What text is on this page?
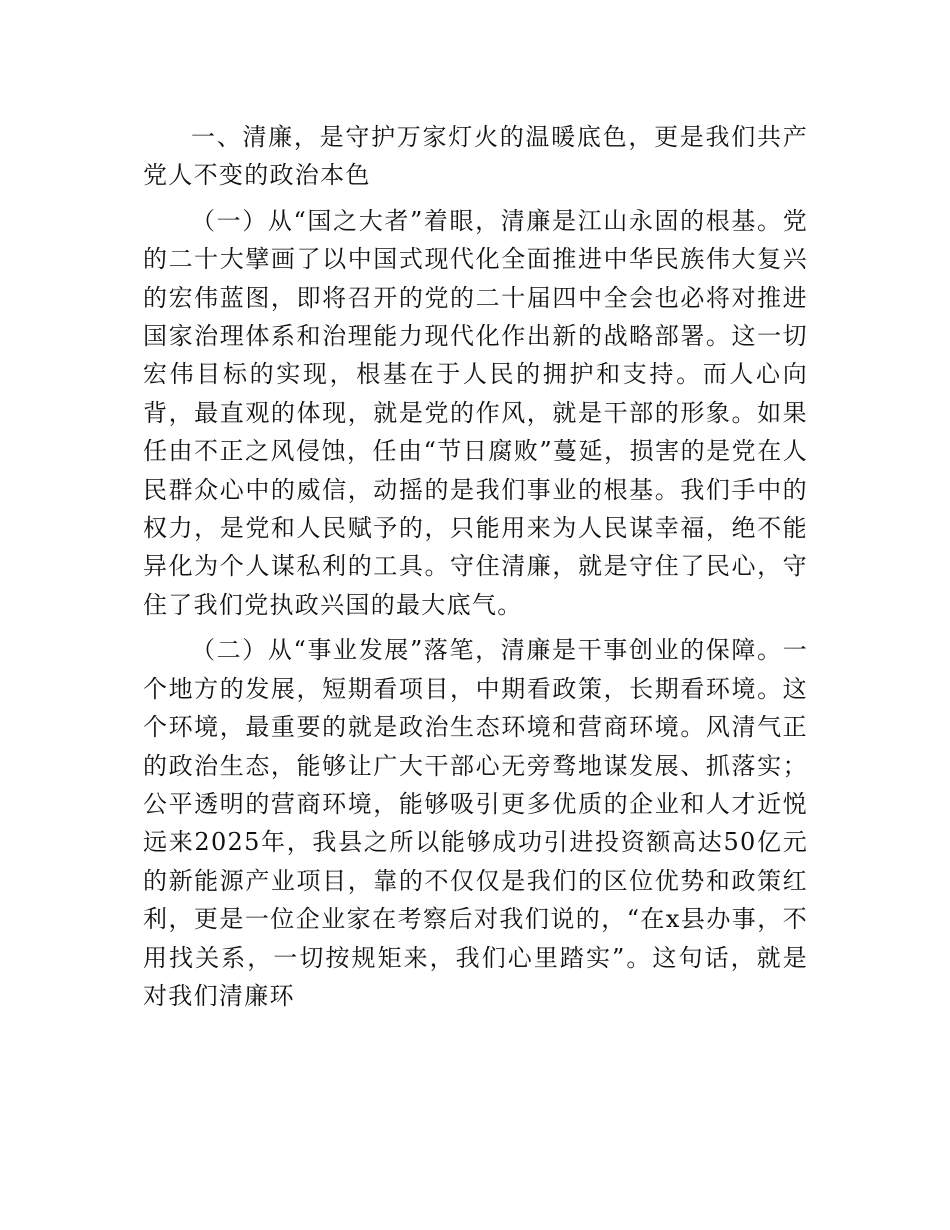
一、清廉，是守护万家灯火的温暖底色，更是我们共产党人不变的政治本色

（一）从“国之大者”着眼，清廉是江山永固的根基。党的二十大擘画了以中国式现代化全面推进中华民族伟大复兴的宏伟蓝图，即将召开的党的二十届四中全会也必将对推进国家治理体系和治理能力现代化作出新的战略部署。这一切宏伟目标的实现，根基在于人民的拥护和支持。而人心向背，最直观的体现，就是党的作风，就是干部的形象。如果任由不正之风侵蚀，任由“节日腐败”蔓延，损害的是党在人民群众心中的威信，动摇的是我们事业的根基。我们手中的权力，是党和人民赋予的，只能用来为人民谋幸福，绝不能异化为个人谋私利的工具。守住清廉，就是守住了民心，守住了我们党执政兴国的最大底气。

（二）从“事业发展”落笔，清廉是干事创业的保障。一个地方的发展，短期看项目，中期看政策，长期看环境。这个环境，最重要的就是政治生态环境和营商环境。风清气正的政治生态，能够让广大干部心无旁骛地谋发展、抓落实；公平透明的营商环境，能够吸引更多优质的企业和人才近悦远来2025年，我县之所以能够成功引进投资额高达50亿元的新能源产业项目，靠的不仅仅是我们的区位优势和政策红利，更是一位企业家在考察后对我们说的，“在x县办事，不用找关系，一切按规矩来，我们心里踏实”。这句话，就是对我们清廉环
